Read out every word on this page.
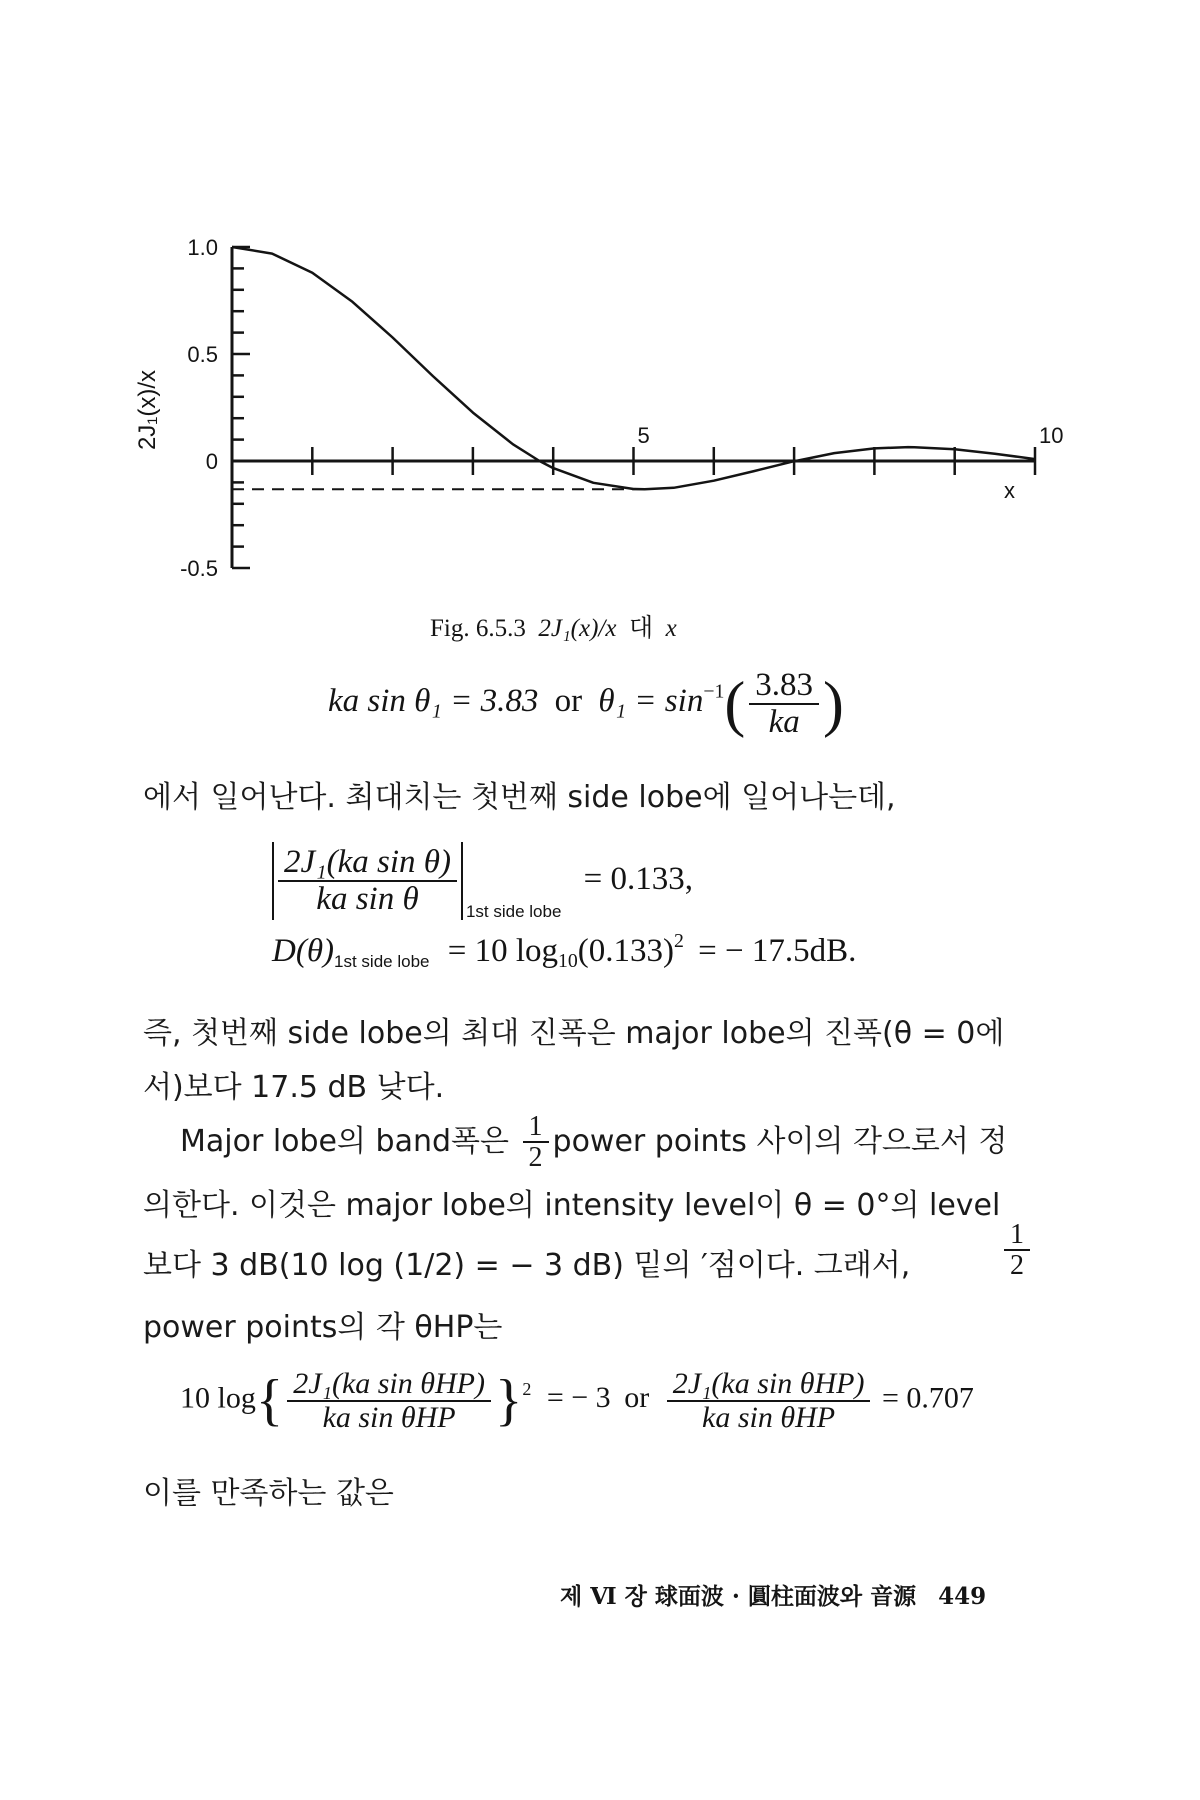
1.0
0.5
0
-0.5
5	10
2J₁(x)/x
x
Fig. 6.5.3 2J₁(x)/x 대 x
ka sin θ₁ = 3.83 or $\theta_1 = \sin^{-1}( \frac{3.83}{ka}$ )
에서 일어난다. 최대치는 첫번째 side lobe에 일어나는데,
$\frac{\text{2J₁(ka sin θ)}}{\text{ka sin θ}} _{1st side lobe} = 0.133$,
D(θ)1st side lobe = 10 $\log_{10}(0.133)^2$ = − 17.5dB.
즉, 첫번째 side lobe의 최대 진폭은 major lobe의 진폭(θ = 0에
서)보다 17.5 dB 낮다.
Major lobe의 band폭은 $\frac{1}{2}$ power points 사이의 각으로서 정
의한다. 이것은 major lobe의 intensity level이 θ = 0°의 level
보다 3 dB(10 log (1/2) = − 3 dB) 밑의 ′점이다. 그래서,	$\frac{1}{2}$
power points의 각 θHP는
10 $\log\{ \frac{\text{2J₁(ka sin θHP)}}{\text{ka sin θHP}} \}^2$ = − 3 or $\frac{\text{2J₁(ka sin θHP)}}{\text{ka sin θHP}} = 0.707$
이를 만족하는 값은
제 Ⅵ 장 球面波 · 圓柱面波와 音源 449
